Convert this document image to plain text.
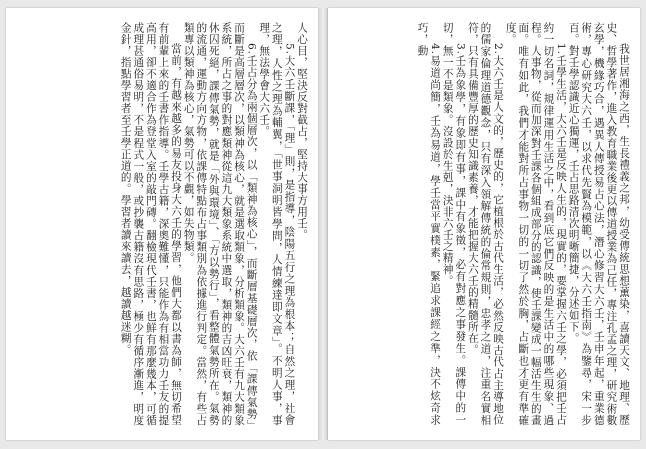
人心目，堅決反對截占，堅持大事方用壬。

5.大六壬斷課，「理」則，是指導，陰陽五行之理為根本；自然之理，社會之理，人性之理為輔翼，「世事洞明皆學問，人情練達即文章」。不明人事，事理，無法學會大六壬。

6.壬占分為兩個層次，以「類神為核心」，而斷層基礎層次，依「課傳氣勢」而斷是高層層次，以類神為核心，就是選取類象，分析類象。大六壬有九大類象系統，所占之事的對應類神從這九大類象系統中選取，類神的吉凶旺衰，類神的休囚死絕，課傳氣勢，就是「外與環境」、「方以勢行」，看整體氣勢所在。氣勢的流通，運動方向方物，依課傳特點布占事類別為依據進行判定。當然，有些占類專以類神為核心，氣勢可以不覷，如失物類。

當前，有越來越多的易友投身大六壬的學習，他們大都以書為師，無切希望有前輩上來的壬書作指導。壬學古籍，深奧難懂，只能作為有相當功力壬友的提高用，卻不適合作為登堂入室的敲門磚。翻檢現代壬書，也鮮有那麼幾本，可循成理甚通俗易明，不是程式一般，或抄襲古籍沒有思路，極少有循序漸進，明度金針，指點學習者至壬學正道的。學習者讀來讀去，越讀越迷糊。	我世居湘海之西，生長禮義之邦，幼受傳統思想薰染，喜讀天文、地理、歷史、哲學著作，進入教育職業後更以傳道授業為己任，專注孔孟之理，研究術數玄學，機緣巧合，遇異人傳授易占心法，潛心修習大六壬，壬申年起，重業德術，專心研究大六壬，以求代先賢為模範，以《大六壬指南》為鑒尋，宋一步百。對壬學認識近心獨運，壬占思路清次明晰簡捷，分述如下。

1.壬學生活，大六壬是反映人生的，現實的，要掌握六壬之學，必須把壬占約一切名詞，規律運用生活之中，看到底它們反映的是生活中的哪些現象、過程。人事物，從而加深對壬課各個組成部分的認識，使壬課變成一幅活生生的畫面。唯有如此，我們才能對所占事物一切的一切了然於胸，占斷也才更有準確度。

2.大六壬是人文的，歷史的，它植根於古代生活，必然反映古代占主導地位的儒家倫理道德觀念，只有深入領解傳統的倫常規則，忠孝之道，注重名實相符，只有具備豐厚的歷史知識素養，才能把握大六壬的精髓所在。

3.壬為象學，有象即有事，課中有象徵，必有對應之事發生。課傳中的一切，無一不是類象。沒設於生剋，決非六壬之精神。

4.易道尚簡，壬為易道，學壬當平實樸素，緊追求課經之準，決不炫奇求巧，動
